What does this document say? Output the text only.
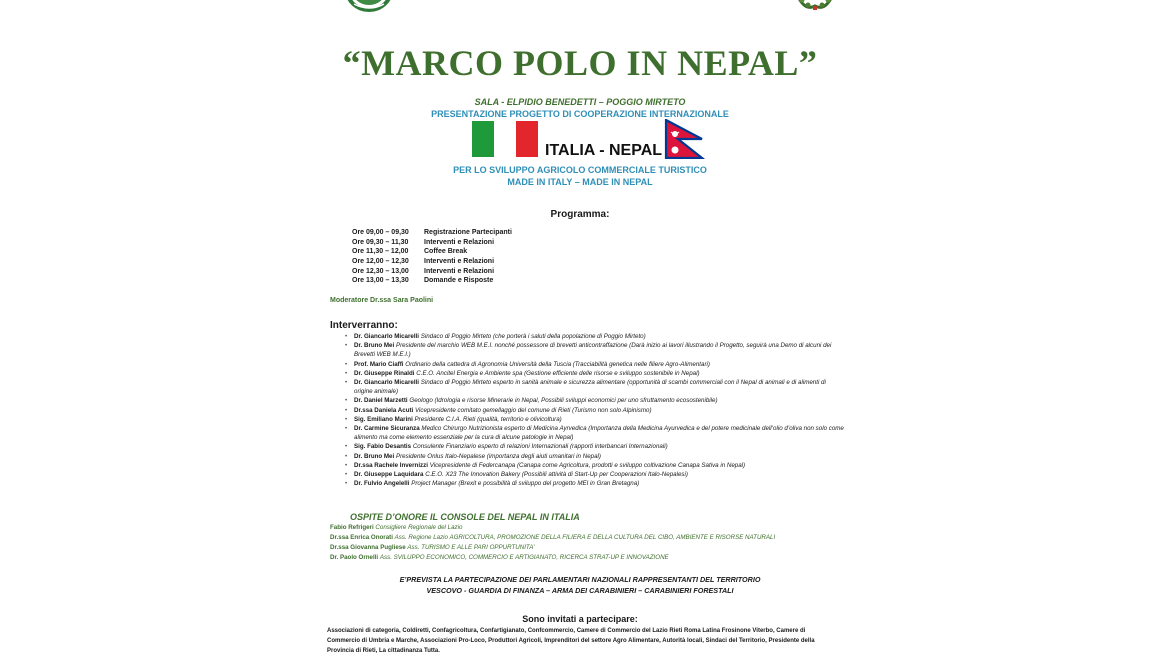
“MARCO POLO IN NEPAL”
SALA - ELPIDIO BENEDETTI – POGGIO MIRTETO
PRESENTAZIONE PROGETTO DI COOPERAZIONE INTERNAZIONALE
ITALIA - NEPAL
PER LO SVILUPPO AGRICOLO COMMERCIALE TURISTICO
MADE IN ITALY – MADE IN NEPAL
Programma:
Ore 09,00 – 09,30 Registrazione Partecipanti
Ore 09,30 – 11,30 Interventi e Relazioni
Ore 11,30 – 12,00 Coffee Break
Ore 12,00 – 12,30 Interventi e Relazioni
Ore 12,30 – 13,00 Interventi e Relazioni
Ore 13,00 – 13,30 Domande e Risposte
Moderatore Dr.ssa Sara Paolini
Interverranno:
• Dr. Giancarlo Micarelli Sindaco di Poggio Mirteto (che porterà i saluti della popolazione di Poggio Mirteto)
• Dr. Bruno Mei Presidente del marchio WEB M.E.I. nonché possessore di brevetti anticontraffazione (Darà inizio ai lavori illustrando il Progetto, seguirà una Demo di alcuni dei Brevetti WEB M.E.I.)
• Prof. Mario Ciaffi Ordinario della cattedra di Agronomia Università della Tuscia (Tracciabilità genetica nelle filiere Agro-Alimentari)
• Dr. Giuseppe Rinaldi C.E.O. Ancitel Energia e Ambiente spa (Gestione efficiente delle risorse e sviluppo sostenibile in Nepal)
• Dr. Giancarlo Micarelli Sindaco di Poggio Mirteto esperto in sanità animale e sicurezza alimentare (opportunità di scambi commerciali con il Nepal di animali e di alimenti di origine animale)
• Dr. Daniel Marzetti Geologo (Idrologia e risorse Minerarie in Nepal, Possibili sviluppi economici per uno sfruttamento ecosostenibile)
• Dr.ssa Daniela Acuti Vicepresidente comitato gemellaggio del comune di Rieti (Turismo non solo Alpinismo)
• Sig. Emiliano Marini Presidente C.I.A. Rieti (qualità, territorio e olivicoltura)
• Dr. Carmine Sicuranza Medico Chirurgo Nutrizionista esperto di Medicina Ayrvedica (Importanza della Medicina Ayurvedica e del potere medicinale dell’olio d’oliva non solo come alimento ma come elemento essenziale per la cura di alcune patologie in Nepal)
• Sig. Fabio Desantis Consulente Finanziario esperto di relazioni Internazionali (rapporti interbancari Internazionali)
• Dr. Bruno Mei Presidente Onlus Italo-Nepalese (importanza degli aiuti umanitari in Nepal)
• Dr.ssa Rachele Invernizzi Vicepresidente di Federcanapa (Canapa come Agricoltura, prodotti e sviluppo coltivazione Canapa Sativa in Nepal)
• Dr. Giuseppe Laquidara C.E.O. X23 The Innovation Bakery (Possibili attività di Start-Up per Cooperazioni Italo-Nepalesi)
• Dr. Fulvio Angelelli Project Manager (Brexit e possibilità di sviluppo del progetto MEI in Gran Bretagna)
OSPITE D’ONORE IL CONSOLE DEL NEPAL IN ITALIA
Fabio Refrigeri Consigliere Regionale del Lazio
Dr.ssa Enrica Onorati Ass. Regione Lazio AGRICOLTURA, PROMOZIONE DELLA FILIERA E DELLA CULTURA DEL CIBO, AMBIENTE E RISORSE NATURALI
Dr.ssa Giovanna Pugliese Ass. TURISMO E ALLE PARI OPPURTUNITA’
Dr. Paolo Ornelli Ass. SVILUPPO ECONOMICO, COMMERCIO E ARTIGIANATO, RICERCA STRAT-UP E INNOVAZIONE
E’PREVISTA LA PARTECIPAZIONE DEI PARLAMENTARI NAZIONALI RAPPRESENTANTI DEL TERRITORIO
VESCOVO - GUARDIA DI FINANZA – ARMA DEI CARABINIERI – CARABINIERI FORESTALI
Sono invitati a partecipare:
Associazioni di categoria, Coldiretti, Confagricoltura, Confartigianato, Confcommercio, Camere di Commercio del Lazio Rieti Roma Latina Frosinone Viterbo, Camere di Commercio di Umbria e Marche, Associazioni Pro-Loco, Produttori Agricoli, Imprenditori del settore Agro Alimentare, Autorità locali, Sindaci del Territorio, Presidente della Provincia di Rieti, La cittadinanza Tutta.
